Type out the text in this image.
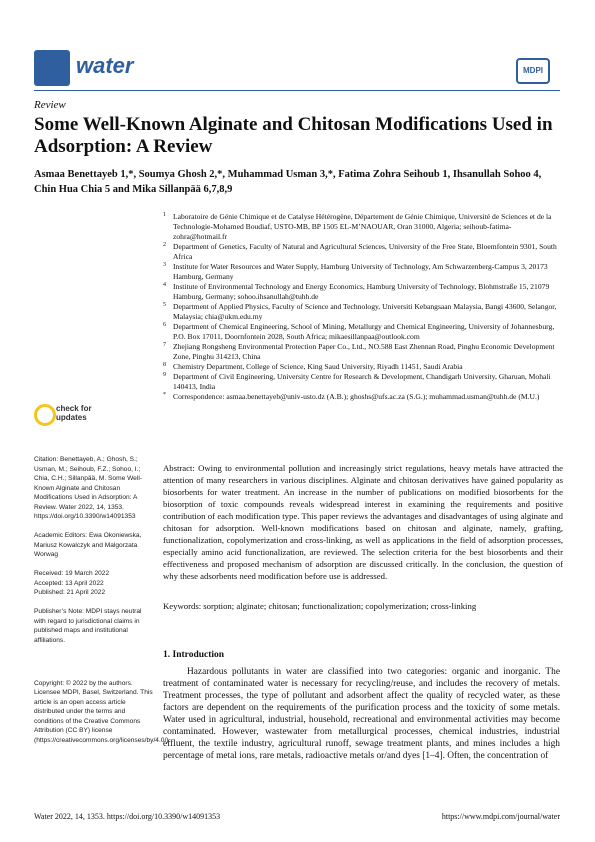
water	MDPI
Review
Some Well-Known Alginate and Chitosan Modifications Used in Adsorption: A Review
Asmaa Benettayeb 1,*, Soumya Ghosh 2,*, Muhammad Usman 3,*, Fatima Zohra Seihoub 1, Ihsanullah Sohoo 4, Chin Hua Chia 5 and Mika Sillanpää 6,7,8,9
1 Laboratoire de Génie Chimique et de Catalyse Hétérogène, Département de Génie Chimique, Université de Sciences et de la Technologie-Mohamed Boudiaf, USTO-MB, BP 1505 EL-M’NAOUAR, Oran 31000, Algeria; seihoub-fatima-zohra@hotmail.fr
2 Department of Genetics, Faculty of Natural and Agricultural Sciences, University of the Free State, Bloemfontein 9301, South Africa
3 Institute for Water Resources and Water Supply, Hamburg University of Technology, Am Schwarzenberg-Campus 3, 20173 Hamburg, Germany
4 Institute of Environmental Technology and Energy Economics, Hamburg University of Technology, Blohmstraße 15, 21079 Hamburg, Germany; sohoo.ihsanullah@tuhh.de
5 Department of Applied Physics, Faculty of Science and Technology, Universiti Kebangsaan Malaysia, Bangi 43600, Selangor, Malaysia; chia@ukm.edu.my
6 Department of Chemical Engineering, School of Mining, Metallurgy and Chemical Engineering, University of Johannesburg, P.O. Box 17011, Doornfontein 2028, South Africa; mikaesillanpaa@outlook.com
7 Zhejiang Rongsheng Environmental Protection Paper Co., Ltd., NO.588 East Zhennan Road, Pinghu Economic Development Zone, Pinghu 314213, China
8 Chemistry Department, College of Science, King Saud University, Riyadh 11451, Saudi Arabia
9 Department of Civil Engineering, University Centre for Research & Development, Chandigarh University, Gharuan, Mohali 140413, India
* Correspondence: asmaa.benettayeb@univ-usto.dz (A.B.); ghoshs@ufs.ac.za (S.G.); muhammad.usman@tuhh.de (M.U.)
check for updates
Citation: Benettayeb, A.; Ghosh, S.; Usman, M.; Seihoub, F.Z.; Sohoo, I.; Chia, C.H.; Sillanpää, M. Some Well-Known Alginate and Chitosan Modifications Used in Adsorption: A Review. Water 2022, 14, 1353. https://doi.org/10.3390/w14091353

Academic Editors: Ewa Okoniewska, Mariusz Kowalczyk and Malgorzata Worwag

Received: 19 March 2022
Accepted: 13 April 2022
Published: 21 April 2022

Publisher’s Note: MDPI stays neutral with regard to jurisdictional claims in published maps and institutional affiliations.

Copyright: © 2022 by the authors. Licensee MDPI, Basel, Switzerland. This article is an open access article distributed under the terms and conditions of the Creative Commons Attribution (CC BY) license (https://creativecommons.org/licenses/by/4.0/).
Abstract: Owing to environmental pollution and increasingly strict regulations, heavy metals have attracted the attention of many researchers in various disciplines. Alginate and chitosan derivatives have gained popularity as biosorbents for water treatment. An increase in the number of publications on modified biosorbents for the biosorption of toxic compounds reveals widespread interest in examining the requirements and positive contribution of each modification type. This paper reviews the advantages and disadvantages of using alginate and chitosan for adsorption. Well-known modifications based on chitosan and alginate, namely, grafting, functionalization, copolymerization and cross-linking, as well as applications in the field of adsorption processes, especially amino acid functionalization, are reviewed. The selection criteria for the best biosorbents and their effectiveness and proposed mechanism of adsorption are discussed critically. In the conclusion, the question of why these adsorbents need modification before use is addressed.
Keywords: sorption; alginate; chitosan; functionalization; copolymerization; cross-linking
1. Introduction
Hazardous pollutants in water are classified into two categories: organic and inorganic. The treatment of contaminated water is necessary for recycling/reuse, and includes the recovery of metals. Treatment processes, the type of pollutant and adsorbent affect the quality of recycled water, as these factors are dependent on the requirements of the purification process and the toxicity of some metals. Water used in agricultural, industrial, household, recreational and environmental activities may become contaminated. However, wastewater from metallurgical processes, chemical industries, industrial effluent, the textile industry, agricultural runoff, sewage treatment plants, and mines includes a high percentage of metal ions, rare metals, radioactive metals or/and dyes [1–4]. Often, the concentration of
Water 2022, 14, 1353. https://doi.org/10.3390/w14091353	https://www.mdpi.com/journal/water
